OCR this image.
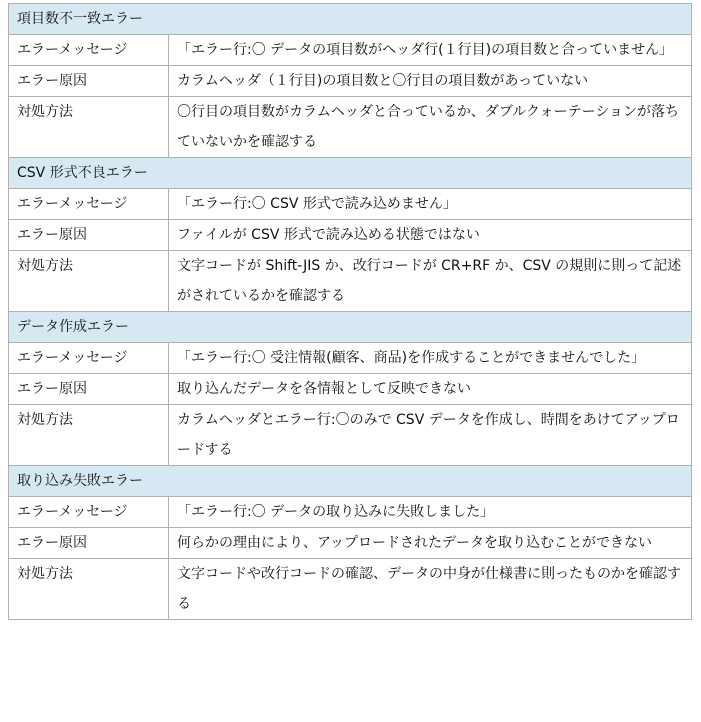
項目数不一致エラー	
エラーメッセージ	「エラー行:〇 データの項目数がヘッダ行(１行目)の項目数と合っていません」
エラー原因	カラムヘッダ（１行目)の項目数と〇行目の項目数があっていない
対処方法	〇行目の項目数がカラムヘッダと合っているか、ダブルクォーテーションが落ちていないかを確認する
CSV 形式不良エラー	
エラーメッセージ	「エラー行:〇 CSV 形式で読み込めません」
エラー原因	ファイルが CSV 形式で読み込める状態ではない
対処方法	文字コードが Shift-JIS か、改行コードが CR+RF か、CSV の規則に則って記述がされているかを確認する
データ作成エラー	
エラーメッセージ	「エラー行:〇 受注情報(顧客、商品)を作成することができませんでした」
エラー原因	取り込んだデータを各情報として反映できない
対処方法	カラムヘッダとエラー行:〇のみで CSV データを作成し、時間をあけてアップロードする
取り込み失敗エラー	
エラーメッセージ	「エラー行:〇 データの取り込みに失敗しました」
エラー原因	何らかの理由により、アップロードされたデータを取り込むことができない
対処方法	文字コードや改行コードの確認、データの中身が仕様書に則ったものかを確認する
